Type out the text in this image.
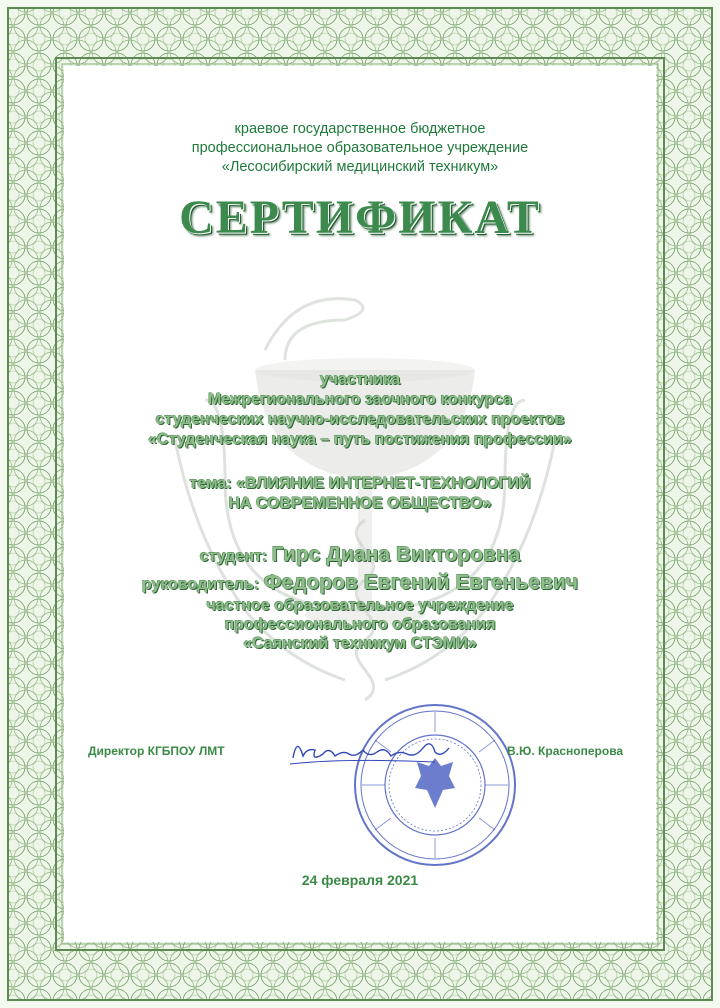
краевое государственное бюджетное
профессиональное образовательное учреждение
«Лесосибирский медицинский техникум»
СЕРТИФИКАТ
участника
Межрегионального заочного конкурса
студенческих научно-исследовательских проектов
«Студенческая наука – путь постижения профессии»
тема: «ВЛИЯНИЕ ИНТЕРНЕТ-ТЕХНОЛОГИЙ
НА СОВРЕМЕННОЕ ОБЩЕСТВО»
студент: Гирс Диана Викторовна
руководитель: Федоров Евгений Евгеньевич
частное образовательное учреждение
профессионального образования
«Саянский техникум СТЭМИ»
Директор КГБПОУ ЛМТ	В.Ю. Красноперова
24 февраля 2021
